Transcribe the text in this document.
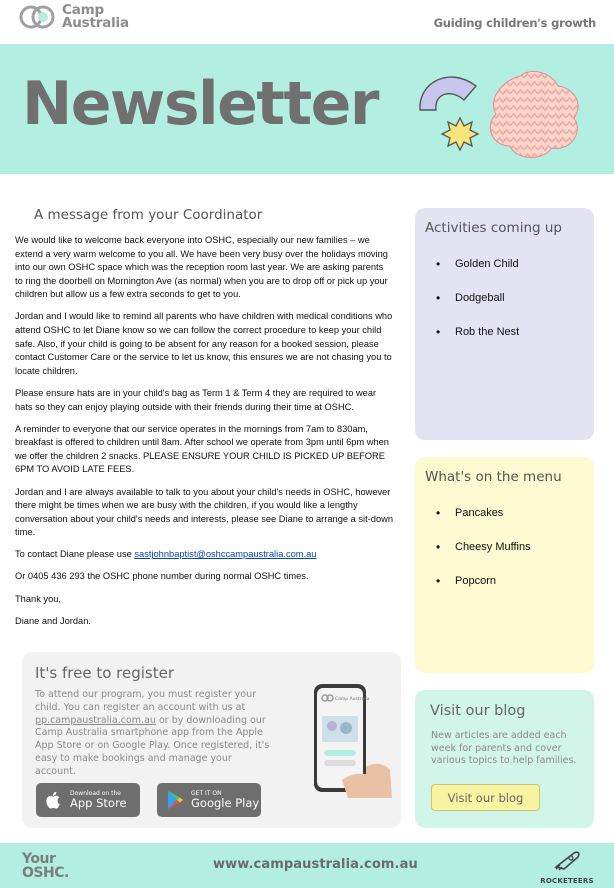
Camp
Australia	Guiding children's growth
Newsletter
A message from your Coordinator

We would like to welcome back everyone into OSHC, especially our new families – we extend a very warm welcome to you all. We have been very busy over the holidays moving into our own OSHC space which was the reception room last year. We are asking parents to ring the doorbell on Mornington Ave (as normal) when you are to drop off or pick up your children but allow us a few extra seconds to get to you.

Jordan and I would like to remind all parents who have children with medical conditions who attend OSHC to let Diane know so we can follow the correct procedure to keep your child safe. Also, if your child is going to be absent for any reason for a booked session, please contact Customer Care or the service to let us know, this ensures we are not chasing you to locate children.

Please ensure hats are in your child's bag as Term 1 & Term 4 they are required to wear hats so they can enjoy playing outside with their friends during their time at OSHC.

A reminder to everyone that our service operates in the mornings from 7am to 830am, breakfast is offered to children until 8am. After school we operate from 3pm until 6pm when we offer the children 2 snacks. PLEASE ENSURE YOUR CHILD IS PICKED UP BEFORE 6PM TO AVOID LATE FEES.

Jordan and I are always available to talk to you about your child's needs in OSHC, however there might be times when we are busy with the children, if you would like a lengthy conversation about your child's needs and interests, please see Diane to arrange a sit-down time.

To contact Diane please use sastjohnbaptist@oshccampaustralia.com.au

Or 0405 436 293 the OSHC phone number during normal OSHC times.

Thank you,

Diane and Jordan.

It's free to register
To attend our program, you must register your child. You can register an account with us at pp.campaustralia.com.au or by downloading our Camp Australia smartphone app from the Apple App Store or on Google Play. Once registered, it's easy to make bookings and manage your account.
Download on the
App Store
GET IT ON
Google Play
Camp Australia
Activities coming up
• Golden Child
• Dodgeball
• Rob the Nest
What's on the menu
• Pancakes
• Cheesy Muffins
• Popcorn
Visit our blog
New articles are added each week for parents and cover various topics to help families.
Visit our blog
Your
OSHC.
www.campaustralia.com.au
ROCKETEERS
